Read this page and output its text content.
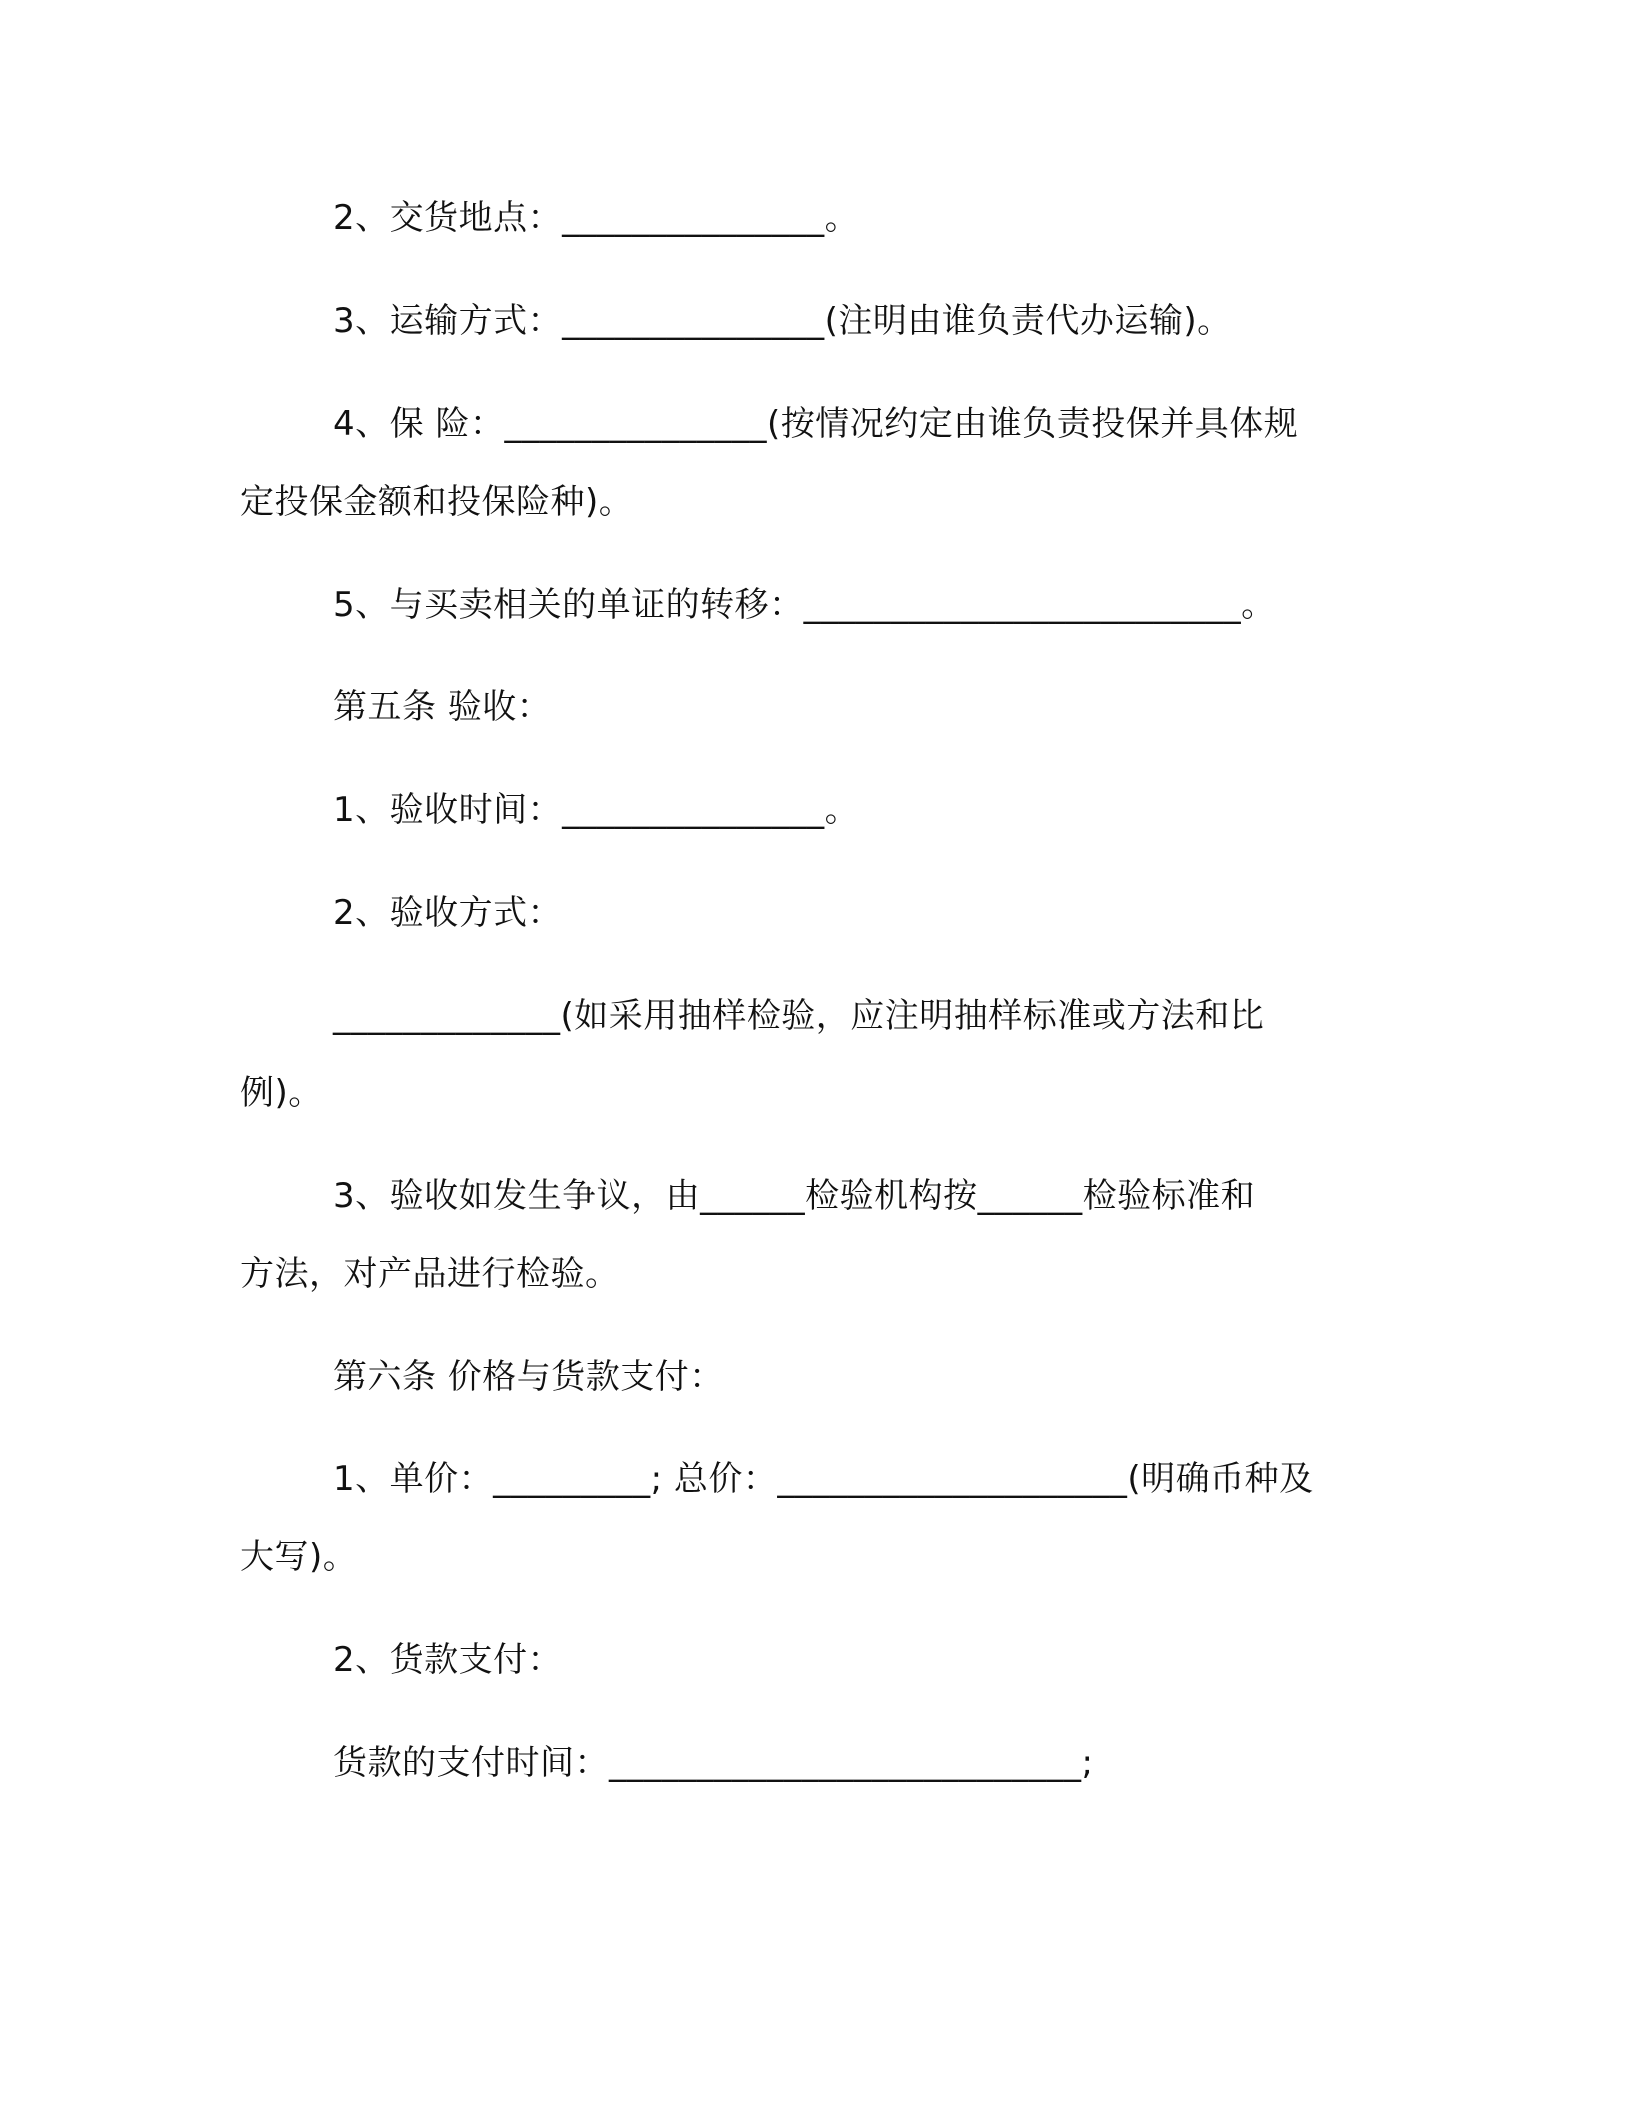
2、交货地点：_______________。

3、运输方式：_______________(注明由谁负责代办运输)。

4、保 险：_______________(按情况约定由谁负责投保并具体规

定投保金额和投保险种)。

5、与买卖相关的单证的转移：_________________________。

第五条 验收：

1、验收时间：_______________。

2、验收方式：

_____________(如采用抽样检验，应注明抽样标准或方法和比

例)。

3、验收如发生争议，由______检验机构按______检验标准和

方法，对产品进行检验。

第六条 价格与货款支付：

1、单价：_________; 总价：____________________(明确币种及

大写)。

2、货款支付：

货款的支付时间：___________________________;
